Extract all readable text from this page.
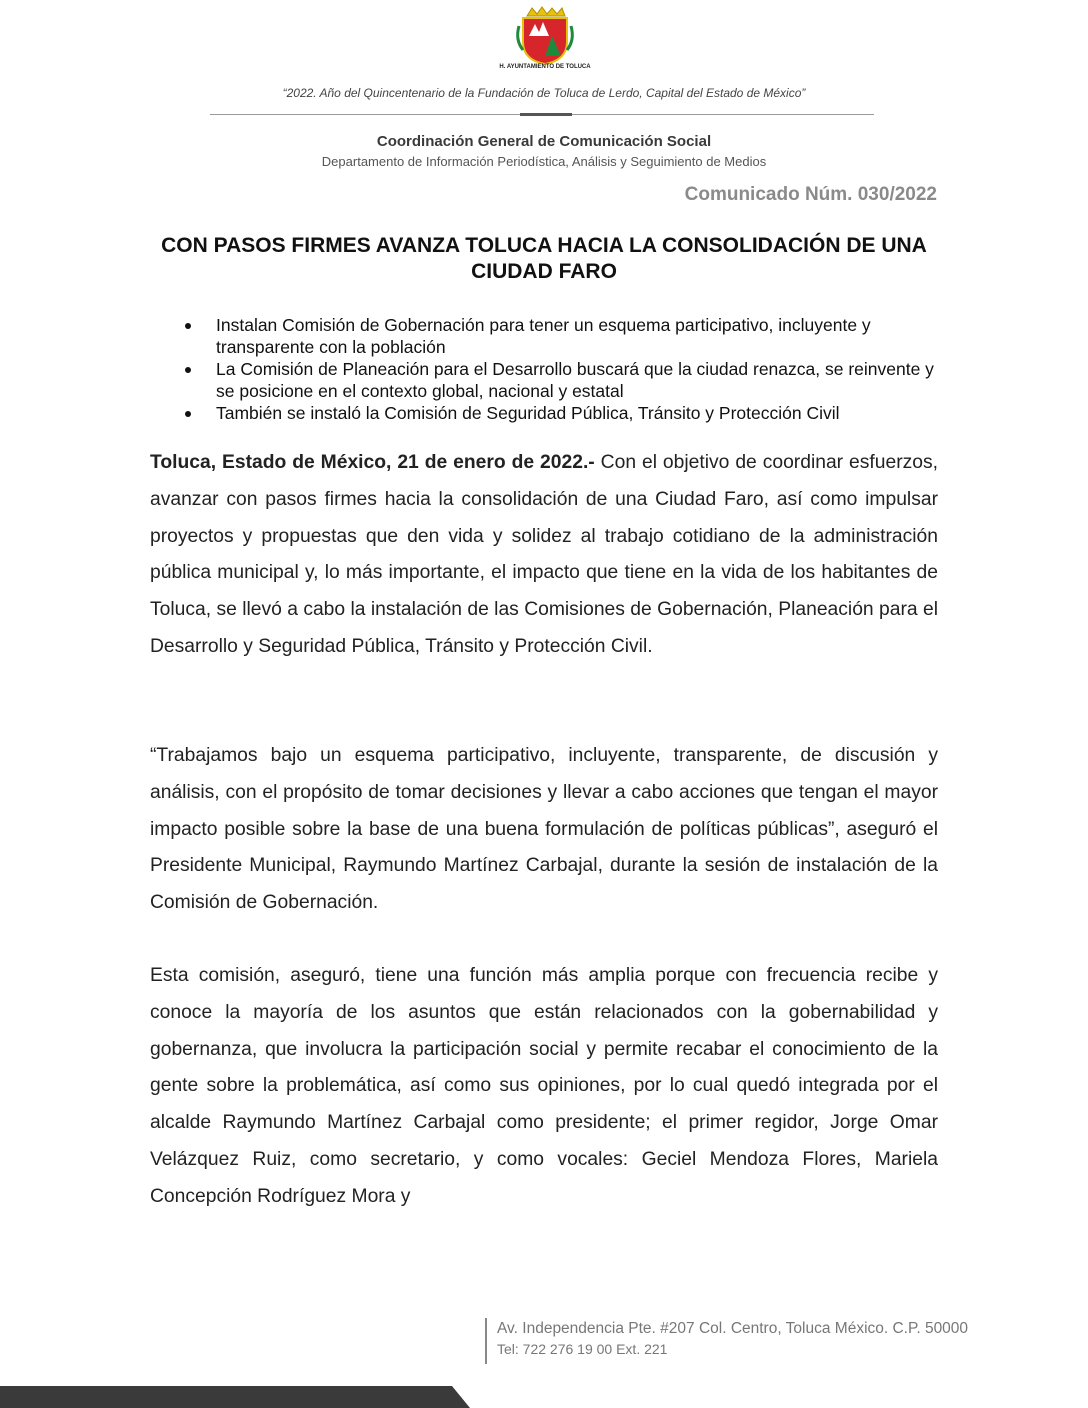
H. AYUNTAMIENTO DE TOLUCA
“2022. Año del Quincentenario de la Fundación de Toluca de Lerdo, Capital del Estado de México”
Coordinación General de Comunicación Social
Departamento de Información Periodística, Análisis y Seguimiento de Medios
Comunicado Núm. 030/2022
CON PASOS FIRMES AVANZA TOLUCA HACIA LA CONSOLIDACIÓN DE UNA CIUDAD FARO
Instalan Comisión de Gobernación para tener un esquema participativo, incluyente y transparente con la población
La Comisión de Planeación para el Desarrollo buscará que la ciudad renazca, se reinvente y se posicione en el contexto global, nacional y estatal
También se instaló la Comisión de Seguridad Pública, Tránsito y Protección Civil

Toluca, Estado de México, 21 de enero de 2022.- Con el objetivo de coordinar esfuerzos, avanzar con pasos firmes hacia la consolidación de una Ciudad Faro, así como impulsar proyectos y propuestas que den vida y solidez al trabajo cotidiano de la administración pública municipal y, lo más importante, el impacto que tiene en la vida de los habitantes de Toluca, se llevó a cabo la instalación de las Comisiones de Gobernación, Planeación para el Desarrollo y Seguridad Pública, Tránsito y Protección Civil.

“Trabajamos bajo un esquema participativo, incluyente, transparente, de discusión y análisis, con el propósito de tomar decisiones y llevar a cabo acciones que tengan el mayor impacto posible sobre la base de una buena formulación de políticas públicas”, aseguró el Presidente Municipal, Raymundo Martínez Carbajal, durante la sesión de instalación de la Comisión de Gobernación.

Esta comisión, aseguró, tiene una función más amplia porque con frecuencia recibe y conoce la mayoría de los asuntos que están relacionados con la gobernabilidad y gobernanza, que involucra la participación social y permite recabar el conocimiento de la gente sobre la problemática, así como sus opiniones, por lo cual quedó integrada por el alcalde Raymundo Martínez Carbajal como presidente; el primer regidor, Jorge Omar Velázquez Ruiz, como secretario, y como vocales: Geciel Mendoza Flores, Mariela Concepción Rodríguez Mora y

Av. Independencia Pte. #207 Col. Centro, Toluca México. C.P. 50000
Tel: 722 276 19 00 Ext. 221
